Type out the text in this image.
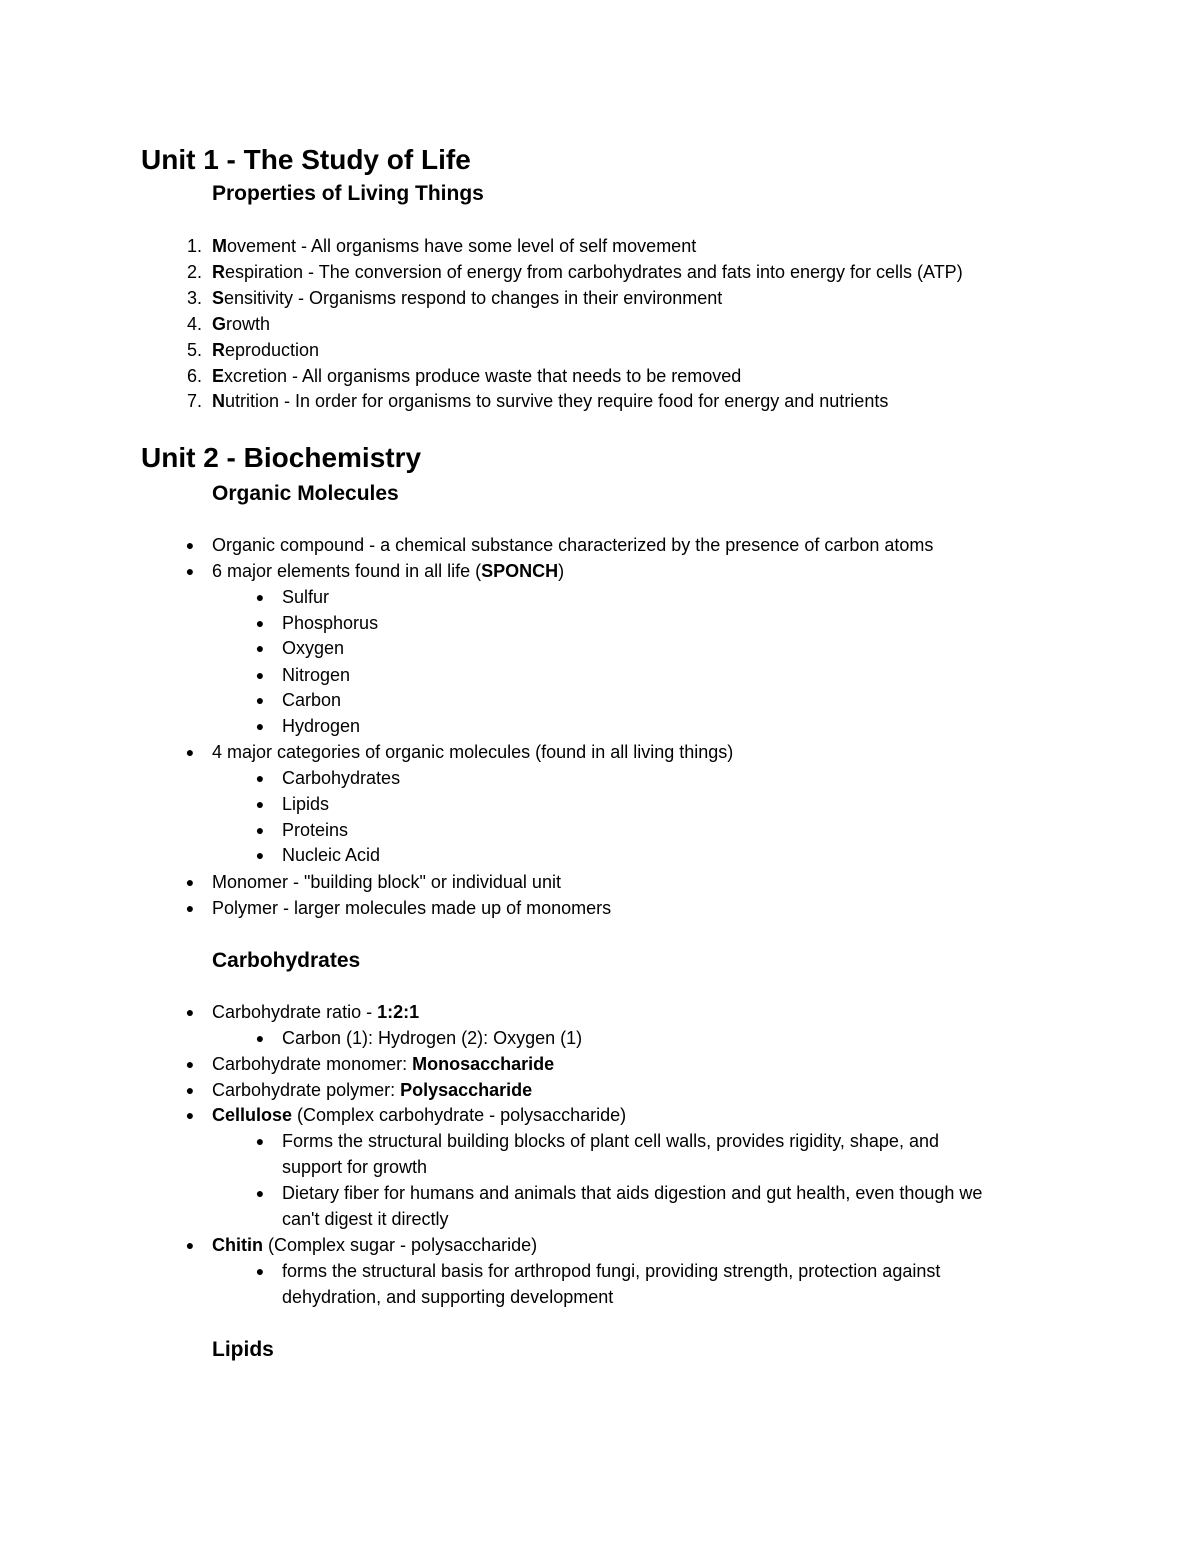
Unit 1 - The Study of Life
Properties of Living Things
1. Movement - All organisms have some level of self movement
2. Respiration - The conversion of energy from carbohydrates and fats into energy for cells (ATP)
3. Sensitivity - Organisms respond to changes in their environment
4. Growth
5. Reproduction
6. Excretion - All organisms produce waste that needs to be removed
7. Nutrition - In order for organisms to survive they require food for energy and nutrients
Unit 2 - Biochemistry
Organic Molecules
● Organic compound - a chemical substance characterized by the presence of carbon atoms
● 6 major elements found in all life (SPONCH)
● Sulfur
● Phosphorus
● Oxygen
● Nitrogen
● Carbon
● Hydrogen
● 4 major categories of organic molecules (found in all living things)
● Carbohydrates
● Lipids
● Proteins
● Nucleic Acid
● Monomer - "building block" or individual unit
● Polymer - larger molecules made up of monomers
Carbohydrates
● Carbohydrate ratio - 1:2:1
● Carbon (1): Hydrogen (2): Oxygen (1)
● Carbohydrate monomer: Monosaccharide
● Carbohydrate polymer: Polysaccharide
● Cellulose (Complex carbohydrate - polysaccharide)
● Forms the structural building blocks of plant cell walls, provides rigidity, shape, and
support for growth
● Dietary fiber for humans and animals that aids digestion and gut health, even though we
can't digest it directly
● Chitin (Complex sugar - polysaccharide)
● forms the structural basis for arthropod fungi, providing strength, protection against
dehydration, and supporting development
Lipids
